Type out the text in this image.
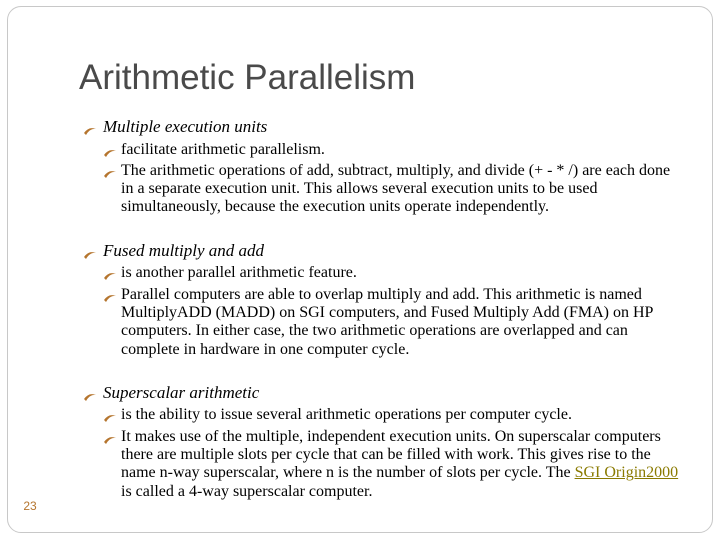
Arithmetic Parallelism
Multiple execution units
facilitate arithmetic parallelism.
The arithmetic operations of add, subtract, multiply, and divide (+ - * /) are each done in a separate execution unit. This allows several execution units to be used simultaneously, because the execution units operate independently.
Fused multiply and add
is another parallel arithmetic feature.
Parallel computers are able to overlap multiply and add. This arithmetic is named MultiplyADD (MADD) on SGI computers, and Fused Multiply Add (FMA) on HP computers. In either case, the two arithmetic operations are overlapped and can complete in hardware in one computer cycle.
Superscalar arithmetic
is the ability to issue several arithmetic operations per computer cycle.
It makes use of the multiple, independent execution units. On superscalar computers there are multiple slots per cycle that can be filled with work. This gives rise to the name n-way superscalar, where n is the number of slots per cycle. The SGI Origin2000 is called a 4-way superscalar computer.
23
